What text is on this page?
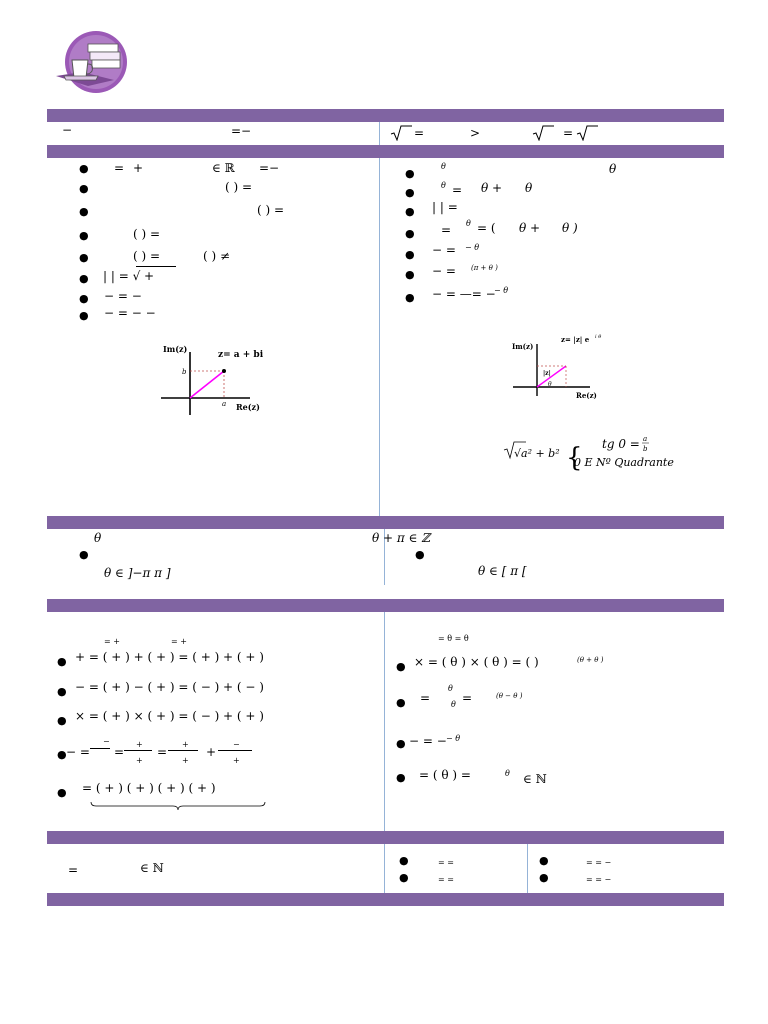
−	=−	=	>	=
● = +	∈ ℝ =−
●	( ) =
●	( ) =
●	( ) =
●	( ) =	( ) ≠
● | | = √ +
● − = −
● − = − −
Im(z)
Re(z)
z= a + bi
b
a
●
θ	θ
●
θ = θ + θ
● | | =
● = θ = ( θ + θ )
● − = − θ
● − = (π + θ )
● − = —= −
− θ
Im(z)
Re(z)
z= |z| e i θ
|z|
θ
√a² + b² { tg 0 = a
b
0 E Nº Quadrante
θ	θ + π ∈ ℤ
●	●
θ ∈ ]−π π ]	θ ∈ [ π [
= +	= +
● + = ( + ) + ( + ) = ( + ) + ( + )
● − = ( + ) − ( + ) = ( − ) + ( − )
● × = ( + ) × ( + ) = ( − ) + ( + )
● − =
−
=
+
+
=
+
+
+
−
+
● = ( + ) ( + ) ( + ) ( + )
= θ = θ
● × = ( θ ) × ( θ ) = ( )	(θ + θ )
● =
θ
θ =	(θ − θ )
● − = − − θ
● = ( θ ) =	θ ∈ ℕ
=	∈ ℕ
●	= =
●	= =
●	= = −
●	= = −
